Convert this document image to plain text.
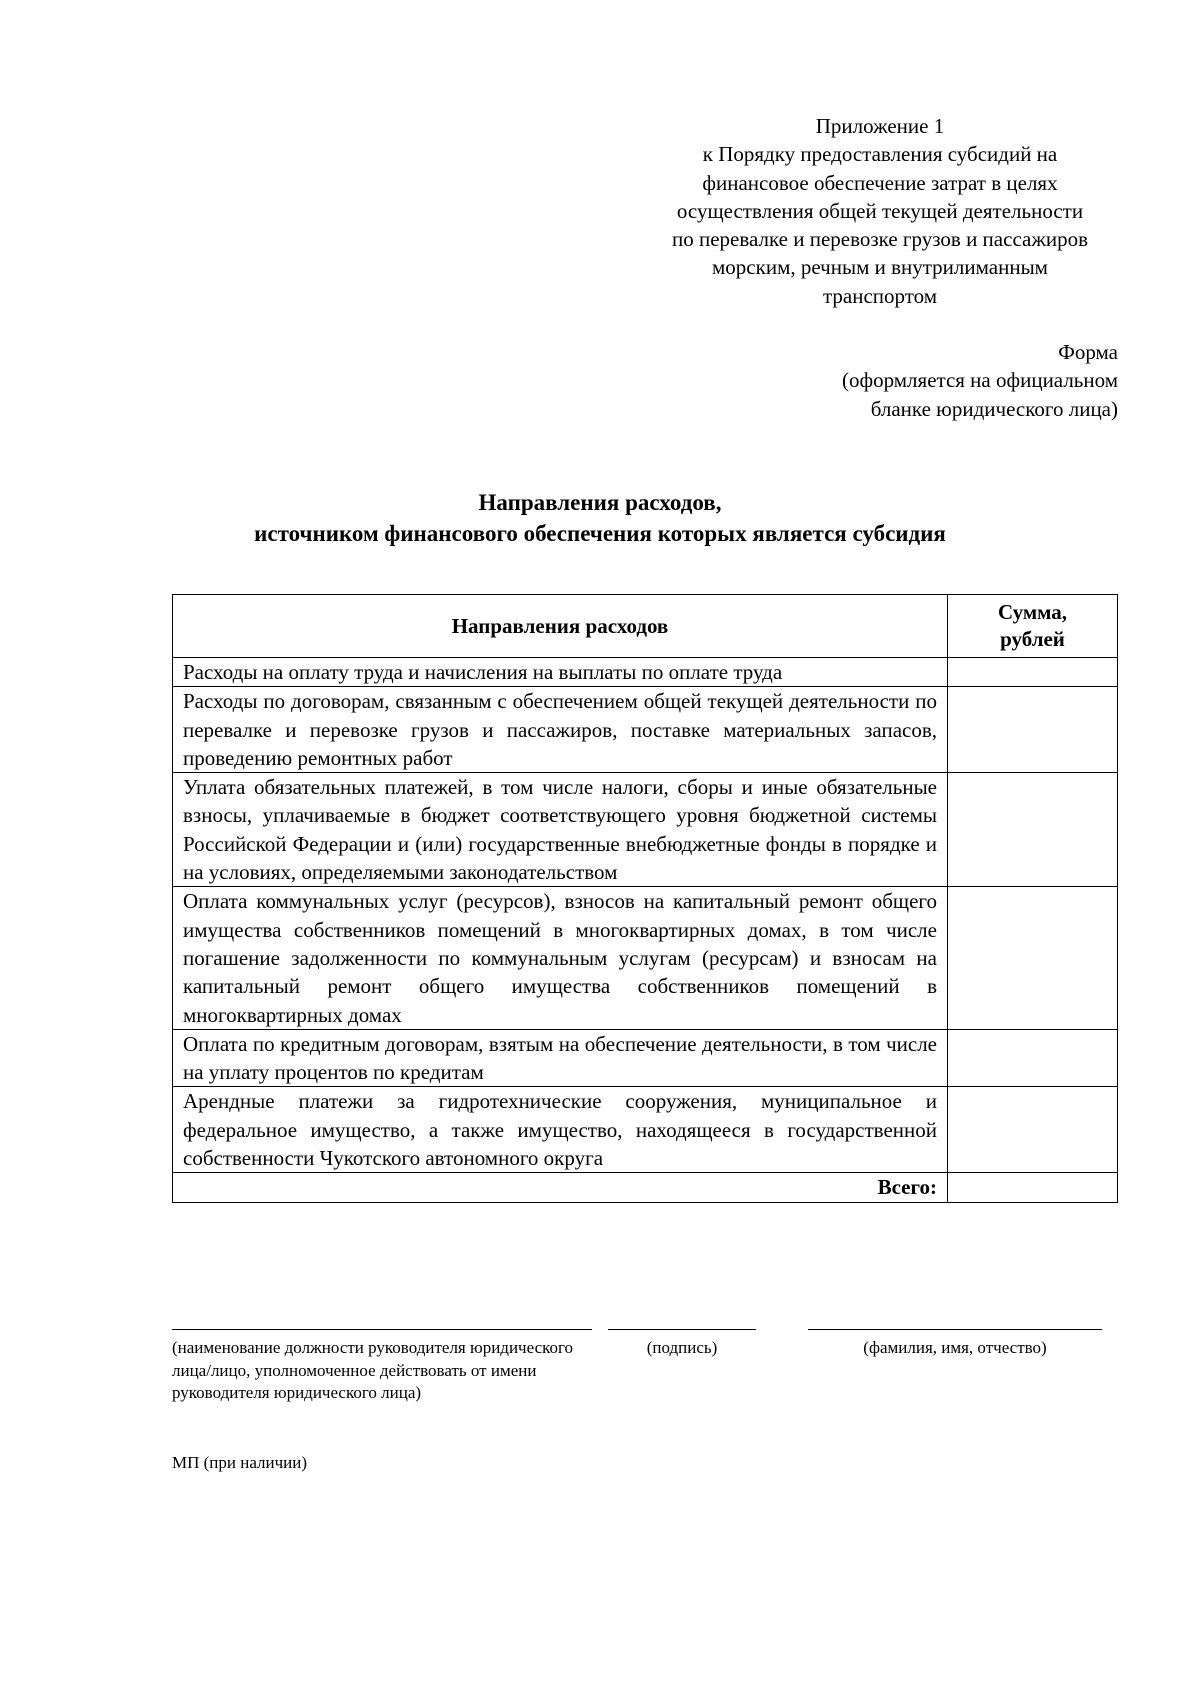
Приложение 1
к Порядку предоставления субсидий на
финансовое обеспечение затрат в целях
осуществления общей текущей деятельности
по перевалке и перевозке грузов и пассажиров
морским, речным и внутрилиманным
транспортом
Форма
(оформляется на официальном
бланке юридического лица)
Направления расходов,
источником финансового обеспечения которых является субсидия
Направления расходов	Сумма,
рублей
Расходы на оплату труда и начисления на выплаты по оплате труда	
Расходы по договорам, связанным с обеспечением общей текущей деятельности по перевалке и перевозке грузов и пассажиров, поставке материальных запасов, проведению ремонтных работ	
Уплата обязательных платежей, в том числе налоги, сборы и иные обязательные взносы, уплачиваемые в бюджет соответствующего уровня бюджетной системы Российской Федерации и (или) государственные внебюджетные фонды в порядке и на условиях, определяемыми законодательством	
Оплата коммунальных услуг (ресурсов), взносов на капитальный ремонт общего имущества собственников помещений в многоквартирных домах, в том числе погашение задолженности по коммунальным услугам (ресурсам) и взносам на капитальный ремонт общего имущества собственников помещений в многоквартирных домах	
Оплата по кредитным договорам, взятым на обеспечение деятельности, в том числе на уплату процентов по кредитам	
Арендные платежи за гидротехнические сооружения, муниципальное и федеральное имущество, а также имущество, находящееся в государственной собственности Чукотского автономного округа	
Всего:	
(наименование должности руководителя юридического лица/лицо, уполномоченное действовать от имени руководителя юридического лица)
(подпись)	(фамилия, имя, отчество)
МП (при наличии)
